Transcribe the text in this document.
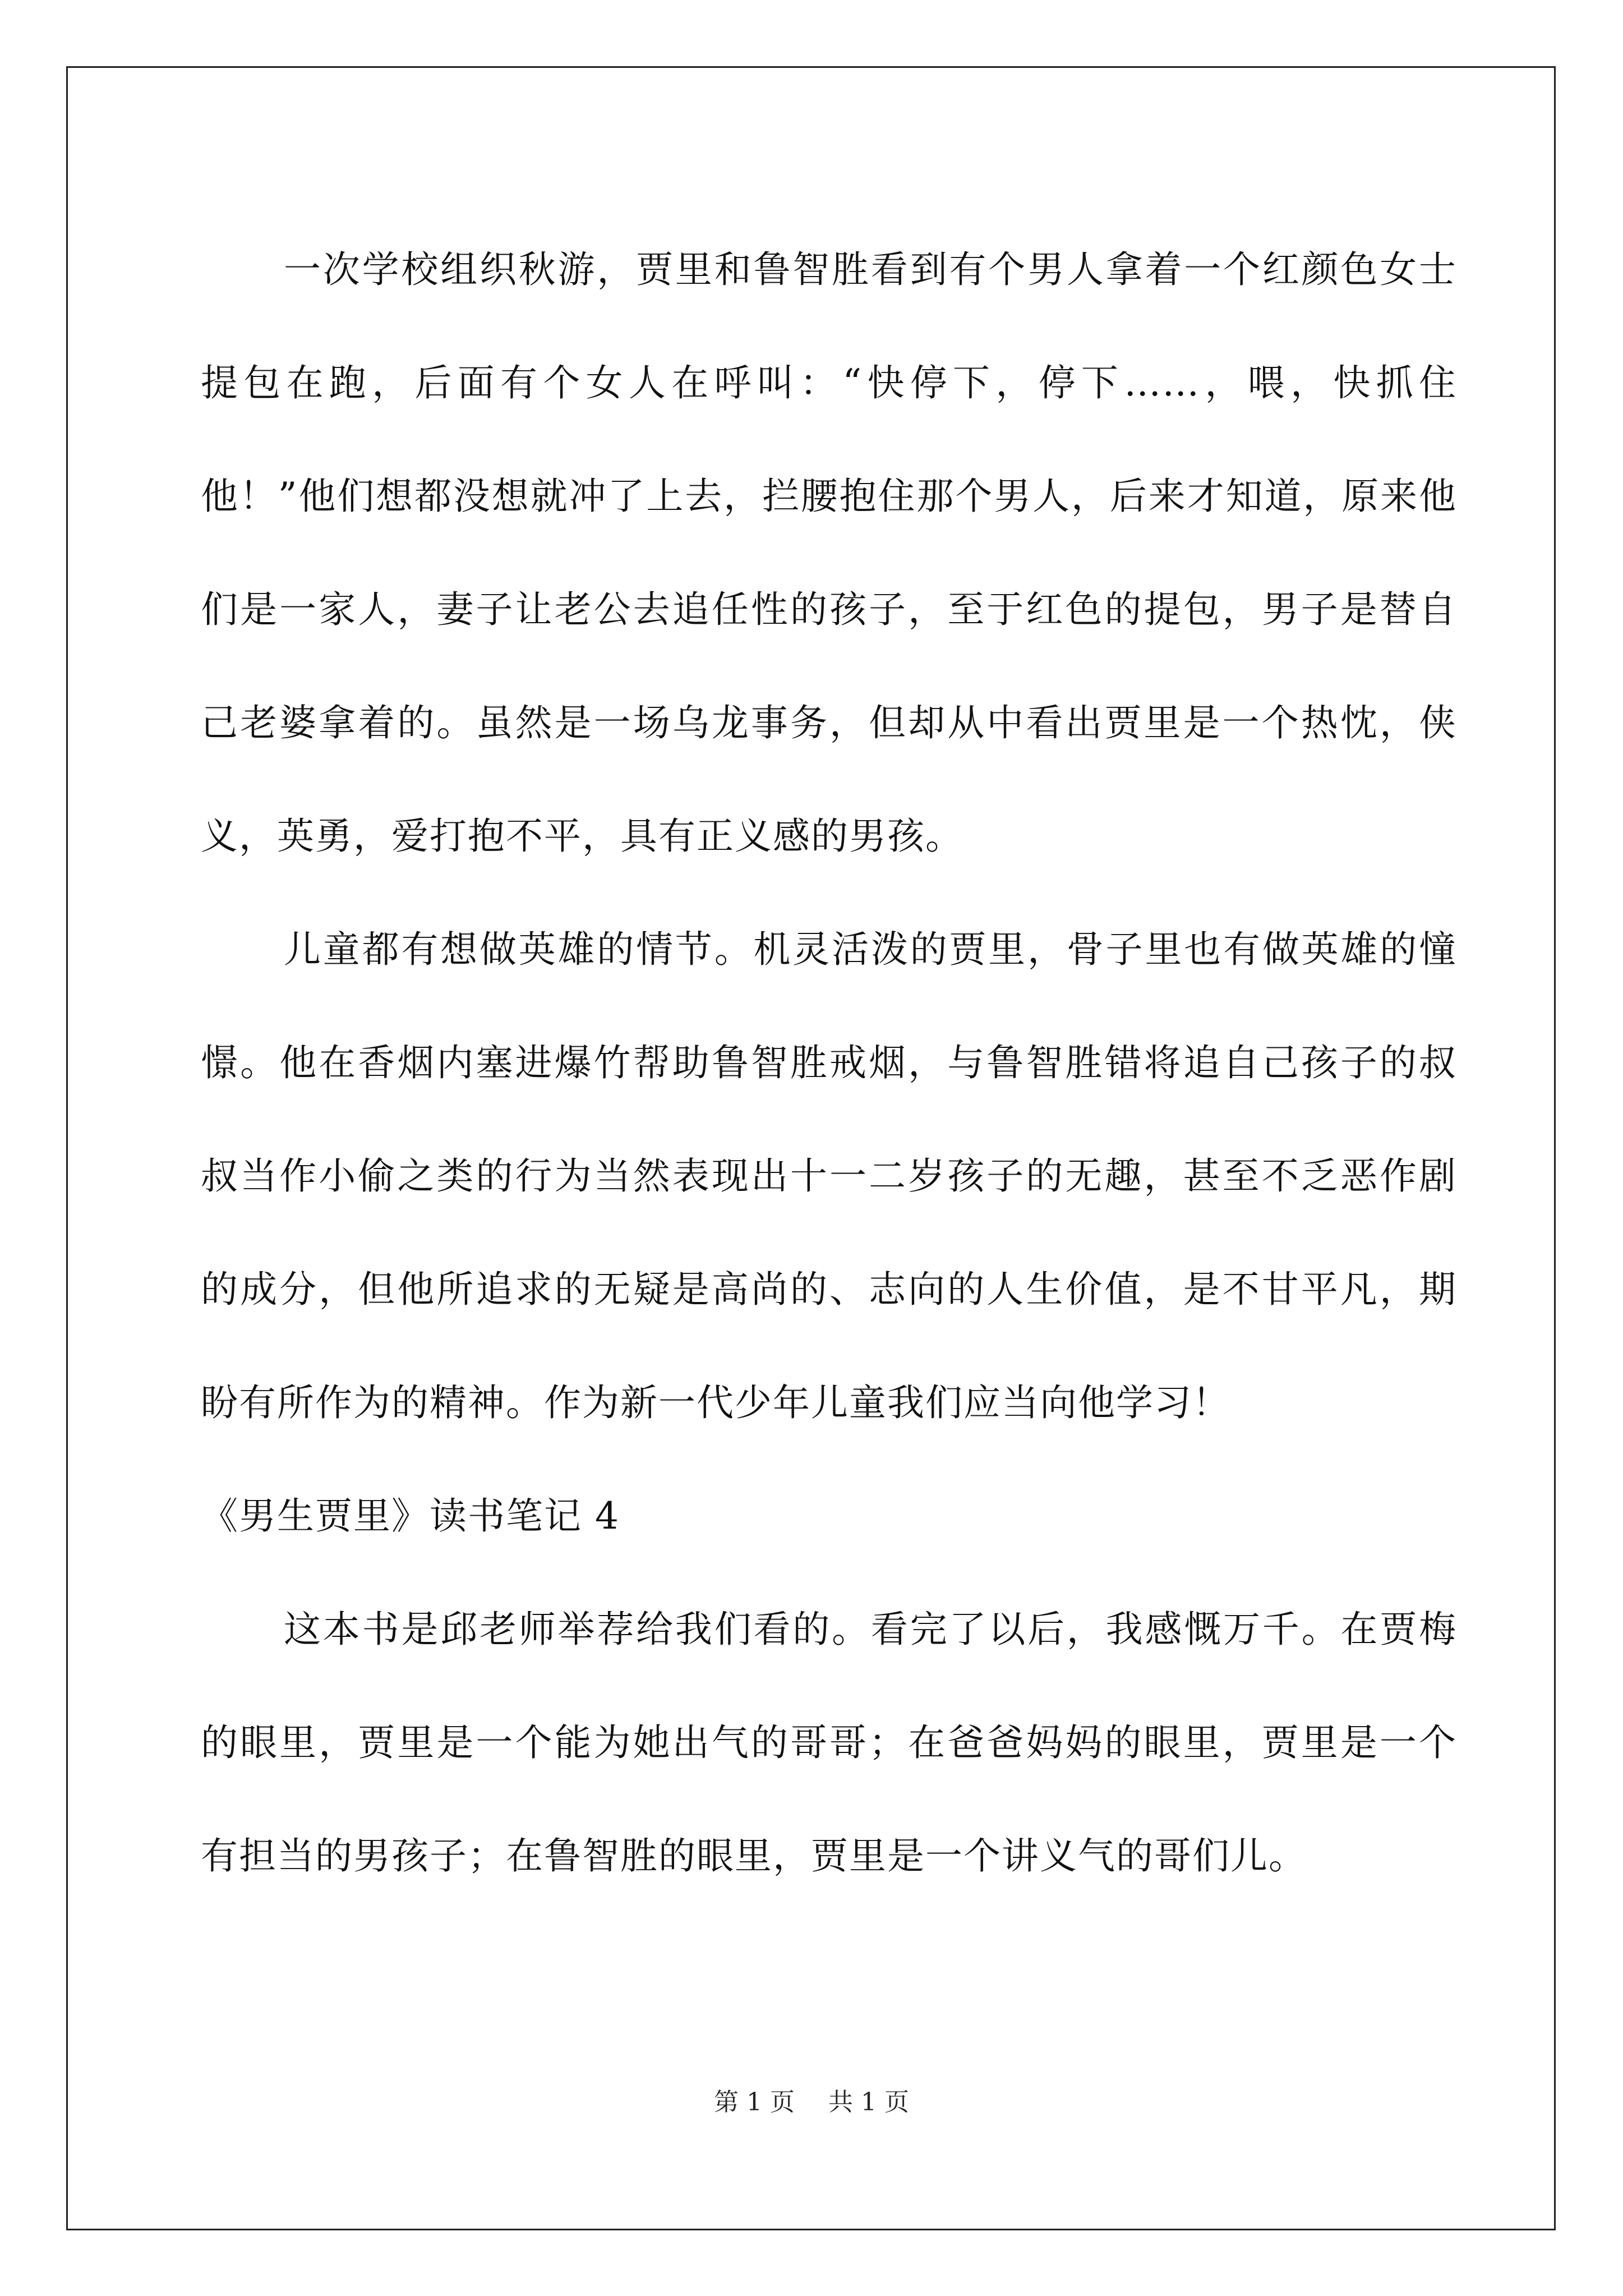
一次学校组织秋游，贾里和鲁智胜看到有个男人拿着一个红颜色女士提包在跑，后面有个女人在呼叫：“快停下，停下……，喂，快抓住他！”他们想都没想就冲了上去，拦腰抱住那个男人，后来才知道，原来他们是一家人，妻子让老公去追任性的孩子，至于红色的提包，男子是替自己老婆拿着的。虽然是一场乌龙事务，但却从中看出贾里是一个热忱，侠义，英勇，爱打抱不平，具有正义感的男孩。

儿童都有想做英雄的情节。机灵活泼的贾里，骨子里也有做英雄的憧憬。他在香烟内塞进爆竹帮助鲁智胜戒烟，与鲁智胜错将追自己孩子的叔叔当作小偷之类的行为当然表现出十一二岁孩子的无趣，甚至不乏恶作剧的成分，但他所追求的无疑是高尚的、志向的人生价值，是不甘平凡，期盼有所作为的精神。作为新一代少年儿童我们应当向他学习！

《男生贾里》读书笔记 4

这本书是邱老师举荐给我们看的。看完了以后，我感慨万千。在贾梅的眼里，贾里是一个能为她出气的哥哥；在爸爸妈妈的眼里，贾里是一个有担当的男孩子；在鲁智胜的眼里，贾里是一个讲义气的哥们儿。

第 1 页 共 1 页
